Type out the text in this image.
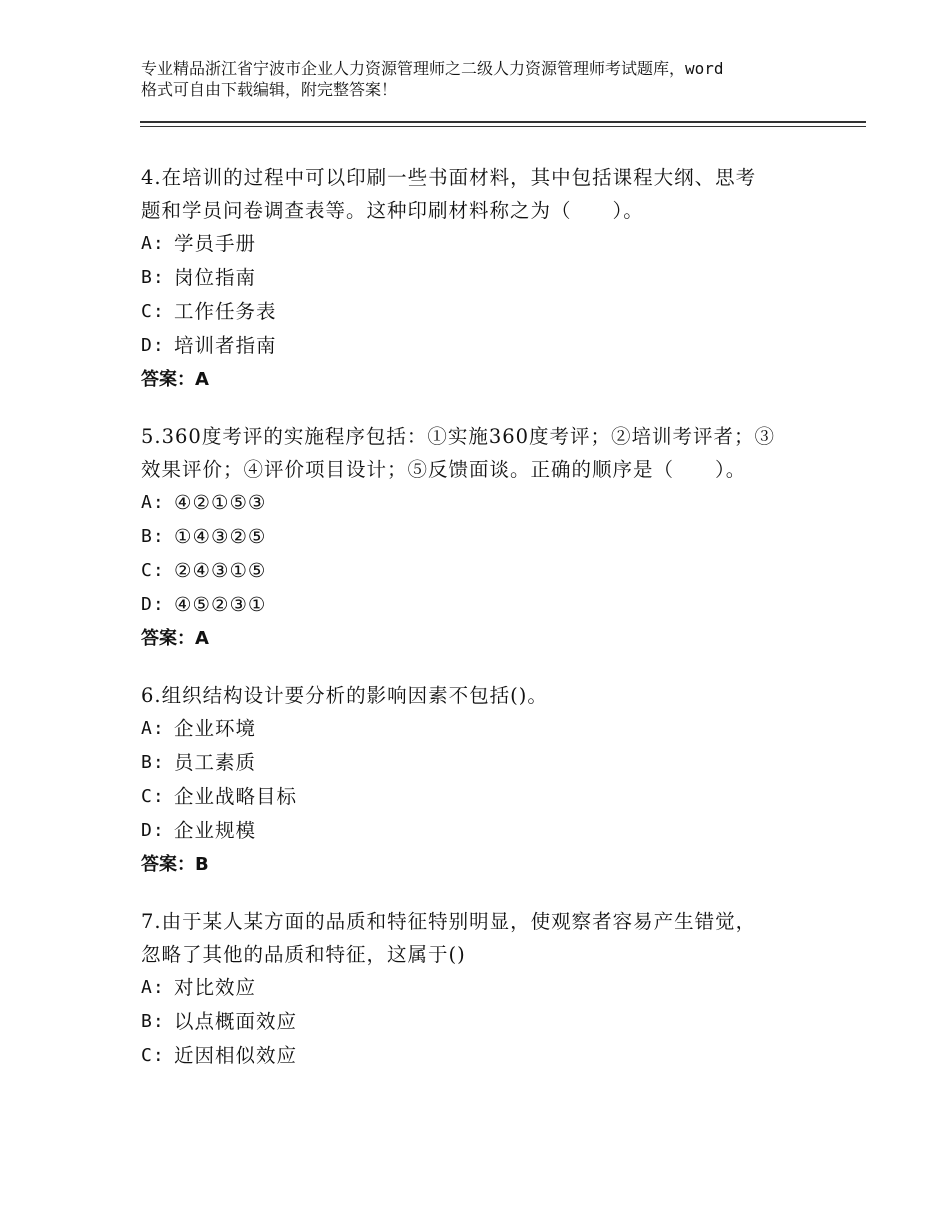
专业精品浙江省宁波市企业人力资源管理师之二级人力资源管理师考试题库，word
格式可自由下载编辑，附完整答案！
4.在培训的过程中可以印刷一些书面材料，其中包括课程大纲、思考
题和学员问卷调查表等。这种印刷材料称之为（　　）。
A: 学员手册
B: 岗位指南
C: 工作任务表
D: 培训者指南
答案：A
5.360度考评的实施程序包括：①实施360度考评；②培训考评者；③
效果评价；④评价项目设计；⑤反馈面谈。正确的顺序是（　　）。
A: ④②①⑤③
B: ①④③②⑤
C: ②④③①⑤
D: ④⑤②③①
答案：A
6.组织结构设计要分析的影响因素不包括()。
A: 企业环境
B: 员工素质
C: 企业战略目标
D: 企业规模
答案：B
7.由于某人某方面的品质和特征特别明显，使观察者容易产生错觉，
忽略了其他的品质和特征，这属于()
A: 对比效应
B: 以点概面效应
C: 近因相似效应
